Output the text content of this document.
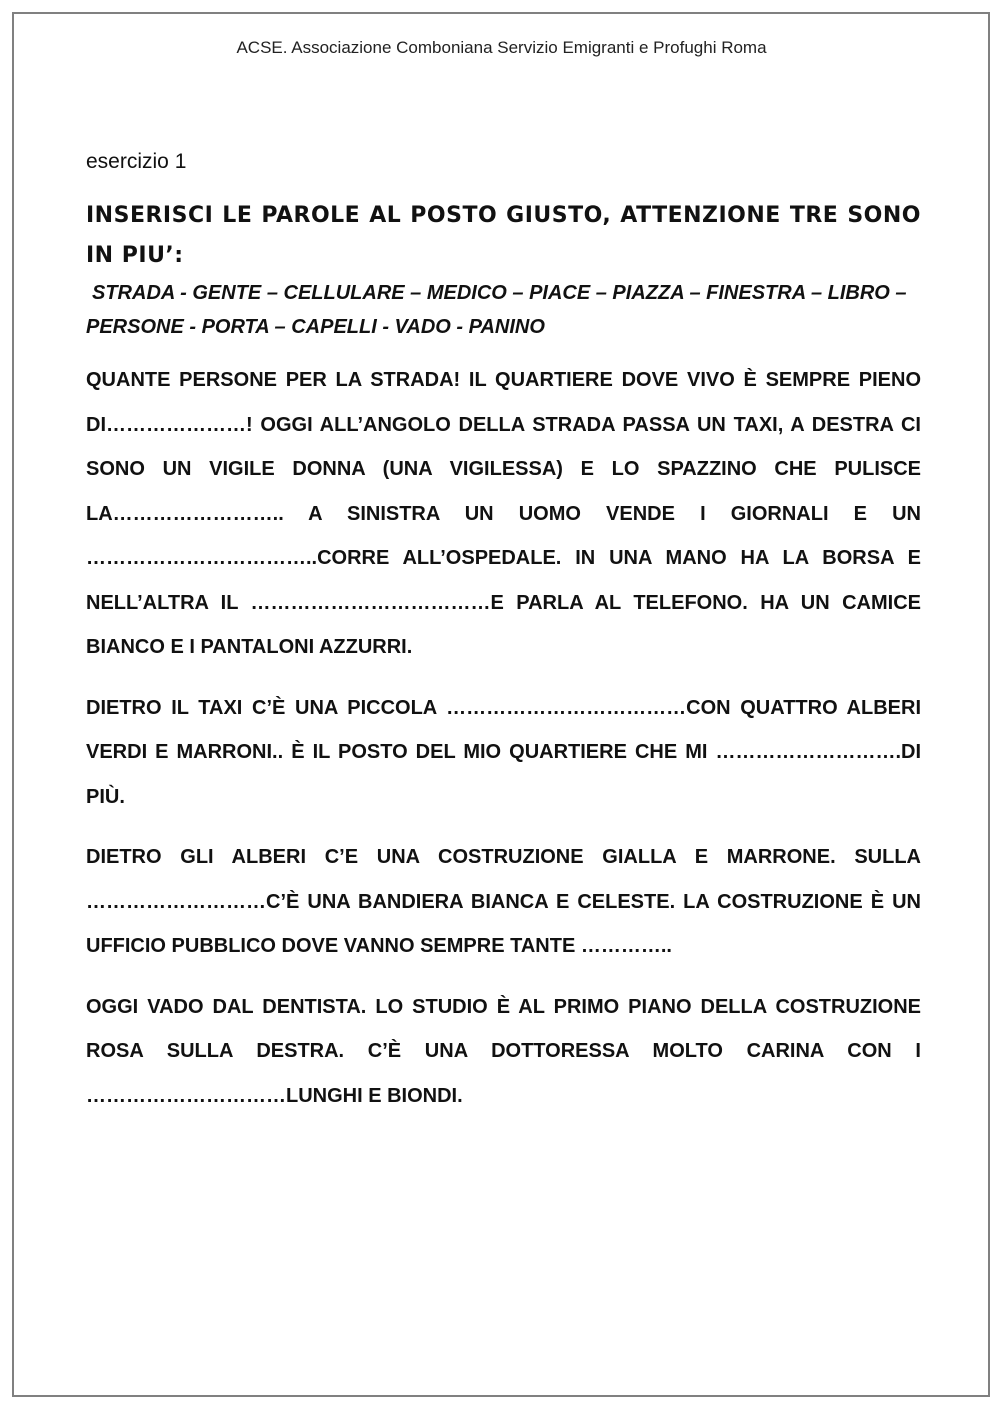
ACSE. Associazione Comboniana Servizio Emigranti e Profughi Roma

esercizio 1

INSERISCI LE PAROLE AL POSTO GIUSTO, ATTENZIONE TRE SONO IN PIU’:

STRADA - GENTE – CELLULARE – MEDICO – PIACE – PIAZZA – FINESTRA – LIBRO –
PERSONE - PORTA – CAPELLI - VADO - PANINO

QUANTE PERSONE PER LA STRADA! IL QUARTIERE DOVE VIVO È SEMPRE PIENO DI…………………! OGGI ALL’ANGOLO DELLA STRADA PASSA UN TAXI, A DESTRA CI SONO UN VIGILE DONNA (UNA VIGILESSA) E LO SPAZZINO CHE PULISCE LA…………………….. A SINISTRA UN UOMO VENDE I GIORNALI E UN ……………………………..CORRE ALL’OSPEDALE. IN UNA MANO HA LA BORSA E NELL’ALTRA IL ………………………………E PARLA AL TELEFONO. HA UN CAMICE BIANCO E I PANTALONI AZZURRI.

DIETRO IL TAXI C’È UNA PICCOLA ………………………………CON QUATTRO ALBERI VERDI E MARRONI.. È IL POSTO DEL MIO QUARTIERE CHE MI ……………………….DI PIÙ.

DIETRO GLI ALBERI C’E UNA COSTRUZIONE GIALLA E MARRONE. SULLA ………………………C’È UNA BANDIERA BIANCA E CELESTE. LA COSTRUZIONE È UN UFFICIO PUBBLICO DOVE VANNO SEMPRE TANTE …………..

OGGI VADO DAL DENTISTA. LO STUDIO È AL PRIMO PIANO DELLA COSTRUZIONE ROSA SULLA DESTRA. C’È UNA DOTTORESSA MOLTO CARINA CON I …………………………LUNGHI E BIONDI.
